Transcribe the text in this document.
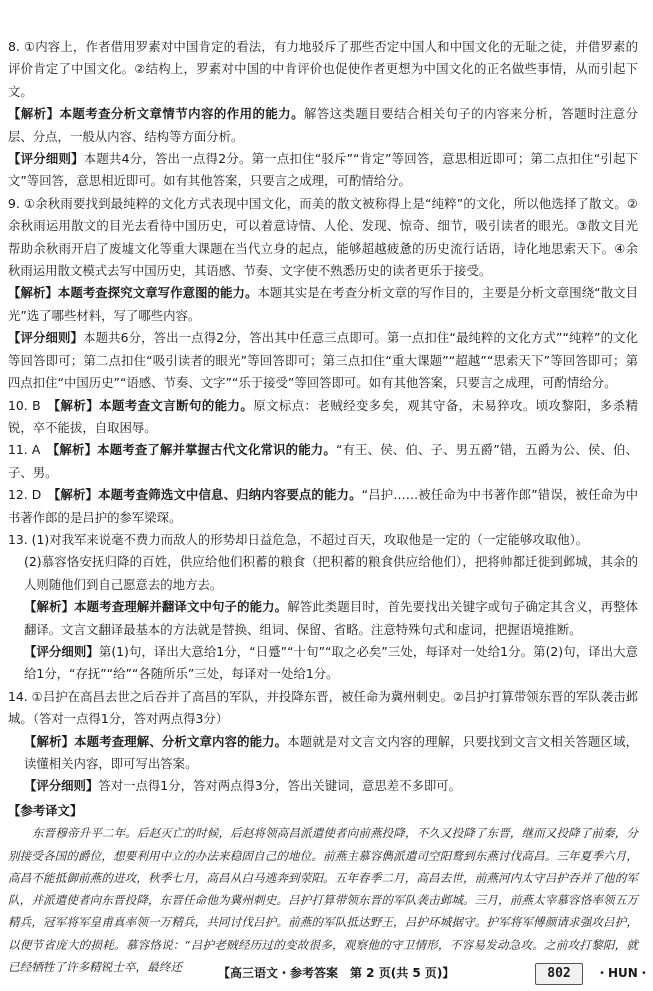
8. ①内容上，作者借用罗素对中国肯定的看法，有力地驳斥了那些否定中国人和中国文化的无耻之徒，并借罗素的评价肯定了中国文化。②结构上，罗素对中国的中肯评价也促使作者更想为中国文化的正名做些事情，从而引起下文。

【解析】本题考查分析文章情节内容的作用的能力。解答这类题目要结合相关句子的内容来分析，答题时注意分层、分点，一般从内容、结构等方面分析。

【评分细则】本题共4分，答出一点得2分。第一点扣住“驳斥”“肯定”等回答，意思相近即可；第二点扣住“引起下文”等回答，意思相近即可。如有其他答案，只要言之成理，可酌情给分。

9. ①余秋雨要找到最纯粹的文化方式表现中国文化，而美的散文被称得上是“纯粹”的文化，所以他选择了散文。②余秋雨运用散文的目光去看待中国历史，可以着意诗情、人伦、发现、惊奇、细节，吸引读者的眼光。③散文目光帮助余秋雨开启了废墟文化等重大课题在当代立身的起点，能够超越疲惫的历史流行话语，诗化地思索天下。④余秋雨运用散文模式去写中国历史，其语感、节奏、文字使不熟悉历史的读者更乐于接受。

【解析】本题考查探究文章写作意图的能力。本题其实是在考查分析文章的写作目的，主要是分析文章围绕“散文目光”选了哪些材料，写了哪些内容。

【评分细则】本题共6分，答出一点得2分，答出其中任意三点即可。第一点扣住“最纯粹的文化方式”“纯粹”的文化等回答即可；第二点扣住“吸引读者的眼光”等回答即可；第三点扣住“重大课题”“超越”“思索天下”等回答即可；第四点扣住“中国历史”“语感、节奏、文字”“乐于接受”等回答即可。如有其他答案，只要言之成理，可酌情给分。

10. B　 【解析】本题考查文言断句的能力。原文标点：老贼经变多矣，观其守备，未易猝攻。顷攻黎阳，多杀精锐，卒不能拔，自取困辱。

11. A　 【解析】本题考查了解并掌握古代文化常识的能力。“有王、侯、伯、子、男五爵”错，五爵为公、侯、伯、子、男。

12. D　 【解析】本题考查筛选文中信息、归纳内容要点的能力。“吕护……被任命为中书著作郎”错误，被任命为中书著作郎的是吕护的参军梁琛。

13. (1)对我军来说毫不费力而敌人的形势却日益危急，不超过百天，攻取他是一定的（一定能够攻取他）。

(2)慕容恪安抚归降的百姓，供应给他们积蓄的粮食（把积蓄的粮食供应给他们），把将帅都迁徙到邺城，其余的人则随他们到自己愿意去的地方去。

【解析】本题考查理解并翻译文中句子的能力。解答此类题目时，首先要找出关键字或句子确定其含义，再整体翻译。文言文翻译最基本的方法就是替换、组词、保留、省略。注意特殊句式和虚词，把握语境推断。

【评分细则】第(1)句，译出大意给1分，“日蹙”“十旬”“取之必矣”三处，每译对一处给1分。第(2)句，译出大意给1分，“存抚”“给”“各随所乐”三处，每译对一处给1分。

14. ①吕护在高昌去世之后吞并了高昌的军队，并投降东晋，被任命为冀州刺史。②吕护打算带领东晋的军队袭击邺城。（答对一点得1分，答对两点得3分）

【解析】本题考查理解、分析文章内容的能力。本题就是对文言文内容的理解，只要找到文言文相关答题区域，读懂相关内容，即可写出答案。

【评分细则】答对一点得1分，答对两点得3分，答出关键词，意思差不多即可。

【参考译文】

东晋穆帝升平二年。后赵灭亡的时候，后赵将领高昌派遣使者向前燕投降，不久又投降了东晋，继而又投降了前秦，分别接受各国的爵位，想要利用中立的办法来稳固自己的地位。前燕主慕容儁派遣司空阳鹜到东燕讨伐高昌。三年夏季六月，高昌不能抵御前燕的进攻，秋季七月，高昌从白马逃奔到荥阳。五年春季二月，高昌去世，前燕河内太守吕护吞并了他的军队，并派遣使者向东晋投降，东晋任命他为冀州刺史。吕护打算带领东晋的军队袭击邺城。三月，前燕太宰慕容恪率领五万精兵，冠军将军皇甫真率领一万精兵，共同讨伐吕护。前燕的军队抵达野王，吕护环城据守。护军将军傅颜请求强攻吕护，以便节省庞大的损耗。慕容恪说：“吕护老贼经历过的变故很多，观察他的守卫情形，不容易发动急攻。之前攻打黎阳，就已经牺牲了许多精锐士卒，最终还	【高三语文・参考答案　第 2 页(共 5 页)】	802	・HUN・
